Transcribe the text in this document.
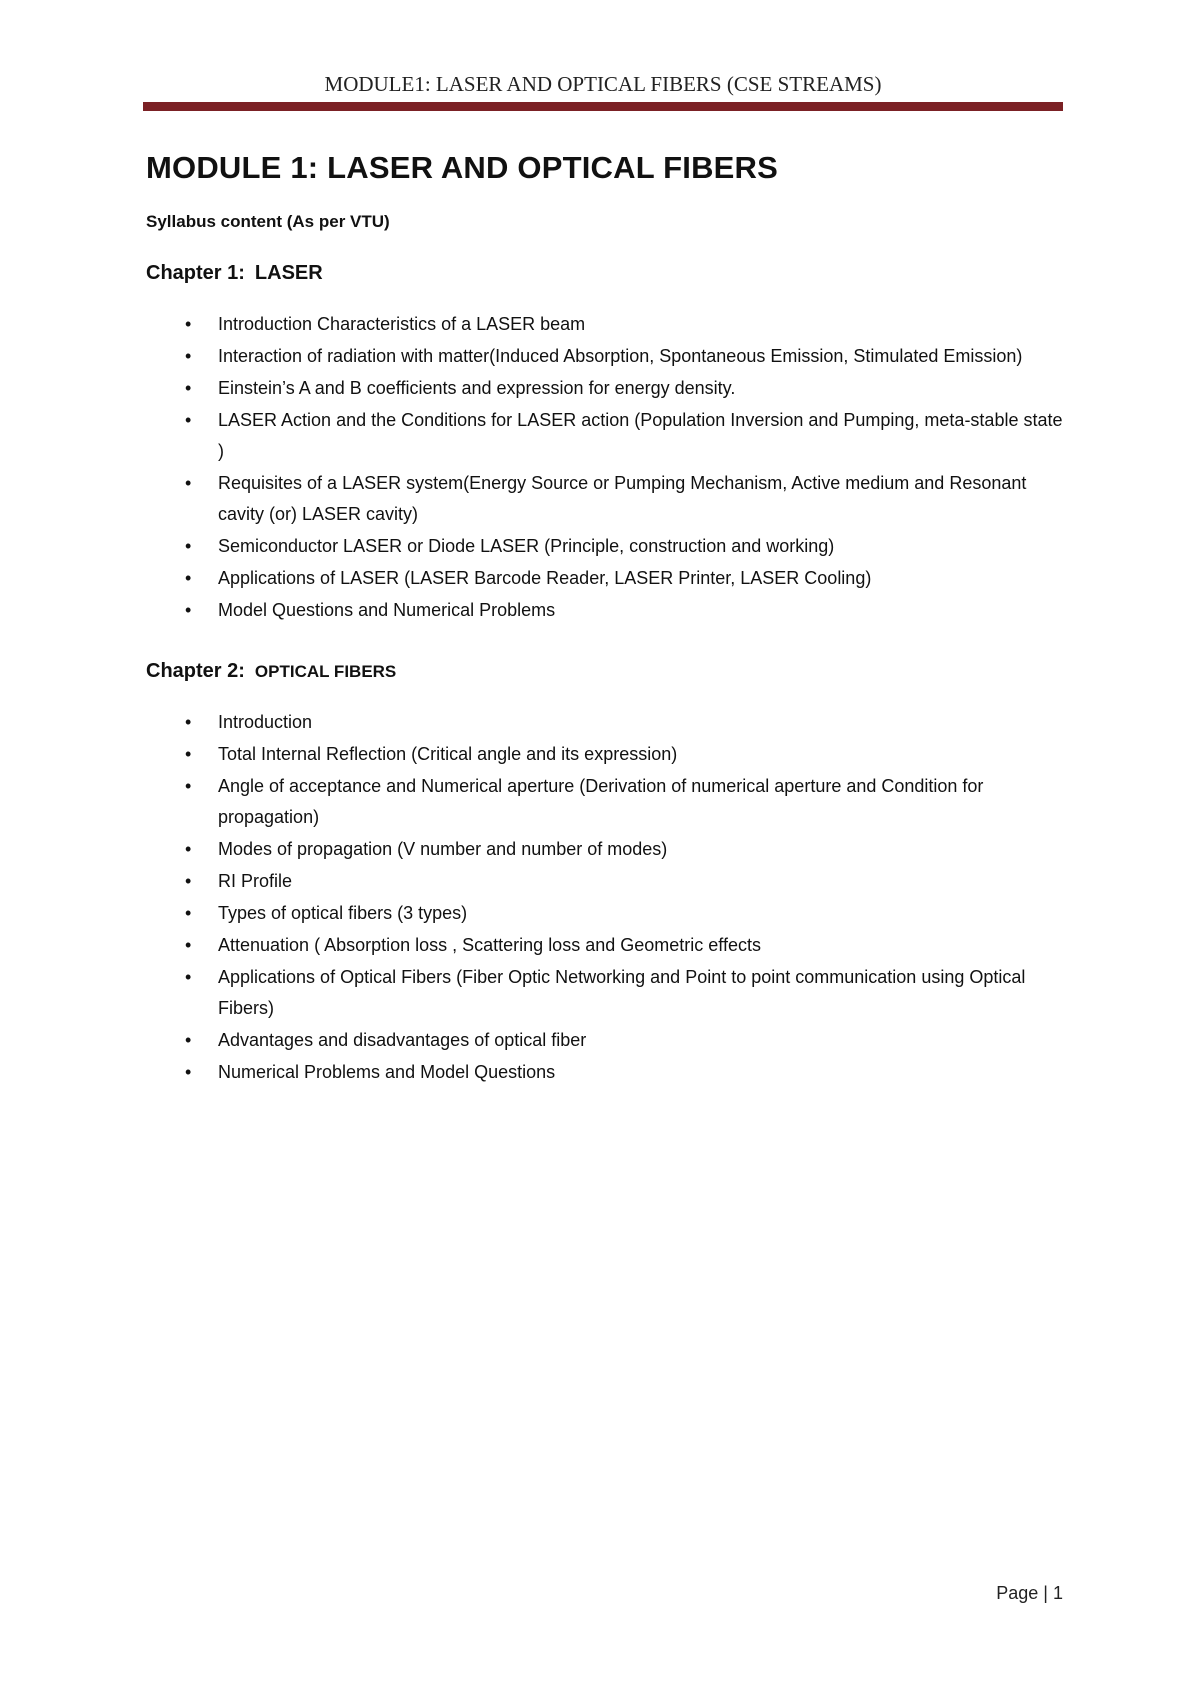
MODULE1: LASER AND OPTICAL FIBERS (CSE STREAMS)
MODULE 1: LASER AND OPTICAL FIBERS
Syllabus content (As per VTU)
Chapter 1: LASER
• Introduction Characteristics of a LASER beam
• Interaction of radiation with matter(Induced Absorption, Spontaneous Emission, Stimulated Emission)
• Einstein’s A and B coefficients and expression for energy density.
• LASER Action and the Conditions for LASER action (Population Inversion and Pumping, meta-stable state )
• Requisites of a LASER system(Energy Source or Pumping Mechanism, Active medium and Resonant cavity (or) LASER cavity)
• Semiconductor LASER or Diode LASER (Principle, construction and working)
• Applications of LASER (LASER Barcode Reader, LASER Printer, LASER Cooling)
• Model Questions and Numerical Problems
Chapter 2: OPTICAL FIBERS
• Introduction
• Total Internal Reflection (Critical angle and its expression)
• Angle of acceptance and Numerical aperture (Derivation of numerical aperture and Condition for propagation)
• Modes of propagation (V number and number of modes)
• RI Profile
• Types of optical fibers (3 types)
• Attenuation ( Absorption loss , Scattering loss and Geometric effects
• Applications of Optical Fibers (Fiber Optic Networking and Point to point communication using Optical Fibers)
• Advantages and disadvantages of optical fiber
• Numerical Problems and Model Questions
Page | 1
